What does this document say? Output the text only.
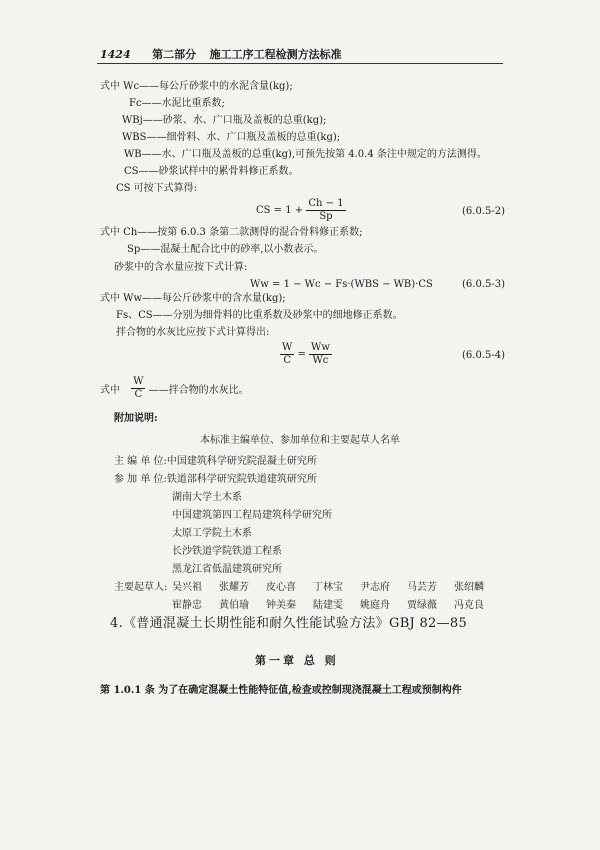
1424 第二部分 施工工序工程检测方法标准
式中 Wc——每公斤砂浆中的水泥含量(kg);
Fc——水泥比重系数;
WBj——砂浆、水、广口瓶及盖板的总重(kg);
WBS——细骨料、水、广口瓶及盖板的总重(kg);
WB——水、广口瓶及盖板的总重(kg),可预先按第 4.0.4 条注中规定的方法测得。
CS——砂浆试样中的累骨料修正系数。
CS 可按下式算得:
CS = $1 + \frac{Ch - 1}{Sp}$	(6.0.5-2)
式中 Ch——按第 6.0.3 条第二款测得的混合骨料修正系数;
Sp——混凝土配合比中的砂率,以小数表示。
砂浆中的含水量应按下式计算:
Ww = 1 − Wc − Fs·(WBS − WB)·CS	(6.0.5-3)
式中 Ww——每公斤砂浆中的含水量(kg);
Fs、CS——分别为细骨料的比重系数及砂浆中的细地修正系数。
拌合物的水灰比应按下式计算得出:
$\frac{W}{C} = \frac{Ww}{Wc}$	(6.0.5-4)
式中 $\frac{W}{C}$ ——拌合物的水灰比。
附加说明:
本标准主编单位、参加单位和主要起草人名单
主 编 单 位:中国建筑科学研究院混凝土研究所
参 加 单 位:铁道部科学研究院铁道建筑研究所
湖南大学土木系
中国建筑第四工程局建筑科学研究所
太原工学院土木系
长沙铁道学院铁道工程系
黑龙江省低温建筑研究所
主要起草人: 吴兴祖 张耀芳 皮心喜 丁林宝 尹志府 马芸芳 张绍麟
崔静忠 黄伯瑜 钟美秦 陆建雯 姚庭舟 贾绿薇 冯克良
4.《普通混凝土长期性能和耐久性能试验方法》GBJ 82—85
第一章 总 则
第 1.0.1 条 为了在确定混凝土性能特征值,检查或控制现浇混凝土工程或预制构件
